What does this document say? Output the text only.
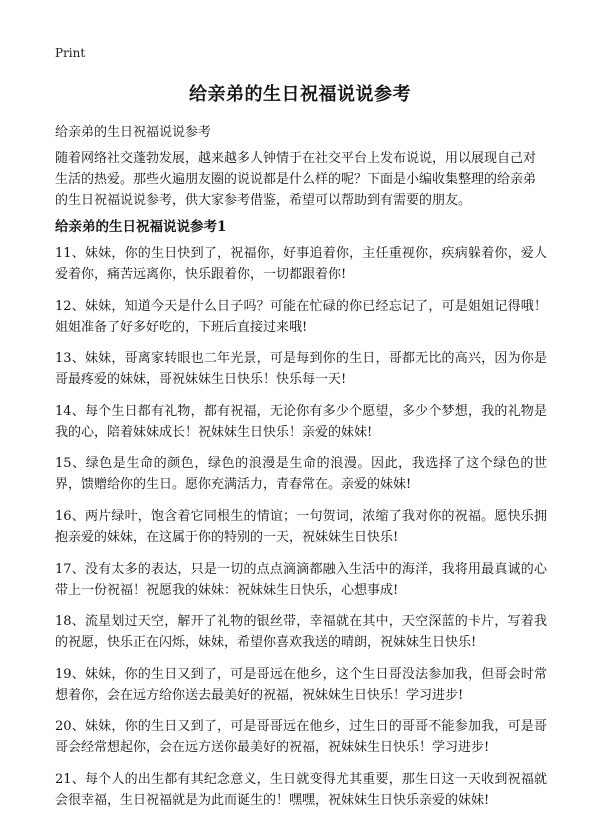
Print
给亲弟的生日祝福说说参考
给亲弟的生日祝福说说参考
随着网络社交蓬勃发展，越来越多人钟情于在社交平台上发布说说，用以展现自己对生活的热爱。那些火遍朋友圈的说说都是什么样的呢？下面是小编收集整理的给亲弟的生日祝福说说参考，供大家参考借鉴，希望可以帮助到有需要的朋友。
给亲弟的生日祝福说说参考1

11、妹妹，你的生日快到了，祝福你，好事追着你，主任重视你，疾病躲着你，爱人爱着你，痛苦远离你，快乐跟着你，一切都跟着你!

12、妹妹，知道今天是什么日子吗？可能在忙碌的你已经忘记了，可是姐姐记得哦！姐姐准备了好多好吃的，下班后直接过来哦!

13、妹妹，哥离家转眼也二年光景，可是每到你的生日，哥都无比的高兴，因为你是哥最疼爱的妹妹，哥祝妹妹生日快乐！快乐每一天!

14、每个生日都有礼物，都有祝福，无论你有多少个愿望，多少个梦想，我的礼物是我的心，陪着妹妹成长！祝妹妹生日快乐！亲爱的妹妹!

15、绿色是生命的颜色，绿色的浪漫是生命的浪漫。因此，我选择了这个绿色的世界，馈赠给你的生日。愿你充满活力，青春常在。亲爱的妹妹!

16、两片绿叶，饱含着它同根生的情谊；一句贺词，浓缩了我对你的祝福。愿快乐拥抱亲爱的妹妹，在这属于你的特别的一天，祝妹妹生日快乐!

17、没有太多的表达，只是一切的点点滴滴都融入生活中的海洋，我将用最真诚的心带上一份祝福！祝愿我的妹妹：祝妹妹生日快乐，心想事成!

18、流星划过天空，解开了礼物的银丝带，幸福就在其中，天空深蓝的卡片，写着我的祝愿，快乐正在闪烁，妹妹，希望你喜欢我送的晴朗，祝妹妹生日快乐!

19、妹妹，你的生日又到了，可是哥远在他乡，这个生日哥没法参加我，但哥会时常想着你，会在远方给你送去最美好的祝福，祝妹妹生日快乐！学习进步!

20、妹妹，你的生日又到了，可是哥哥远在他乡，过生日的哥哥不能参加我，可是哥哥会经常想起你，会在远方送你最美好的祝福，祝妹妹生日快乐！学习进步!

21、每个人的出生都有其纪念意义，生日就变得尤其重要，那生日这一天收到祝福就会很幸福，生日祝福就是为此而诞生的！嘿嘿，祝妹妹生日快乐亲爱的妹妹!
